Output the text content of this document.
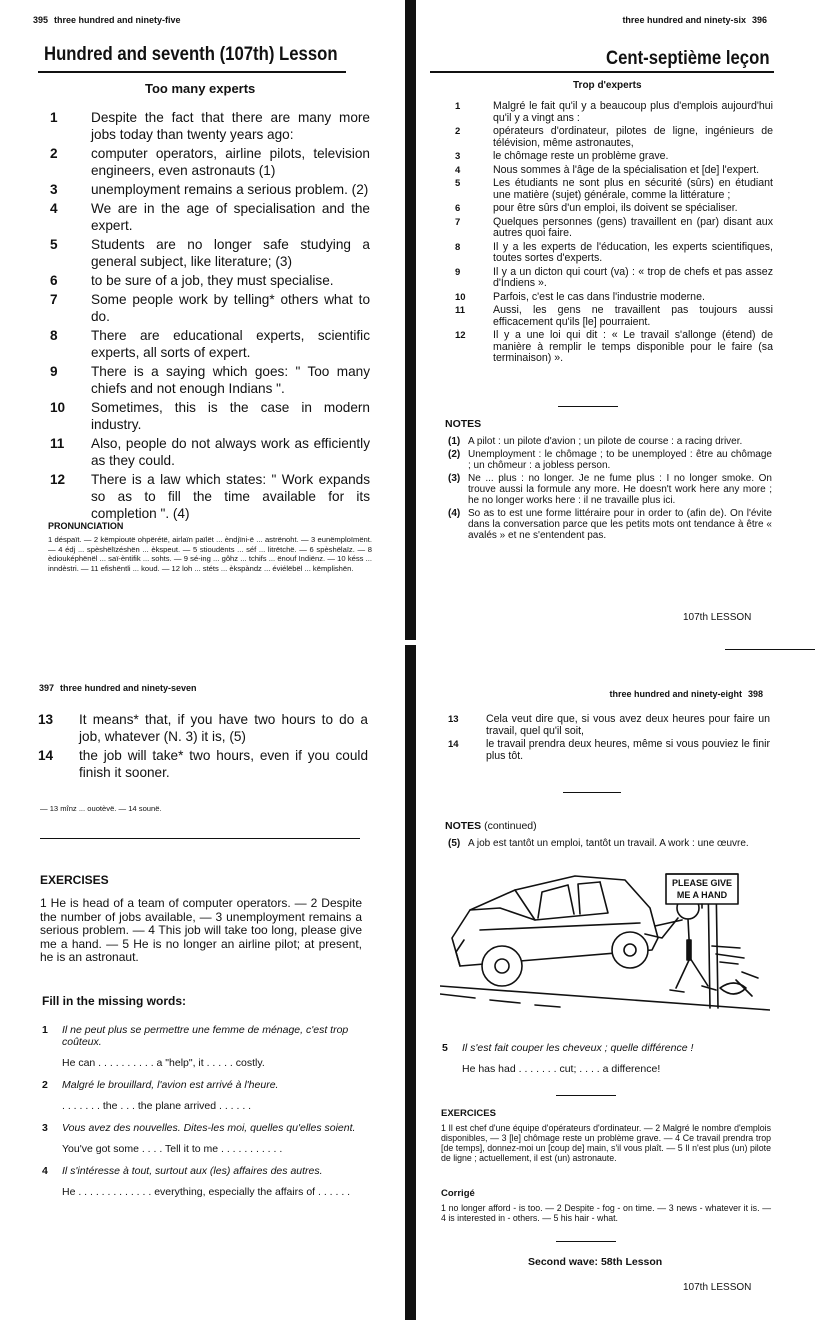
395 three hundred and ninety-five
Hundred and seventh (107th) Lesson
Too many experts
1	Despite the fact that there are many more jobs today than twenty years ago:
2	computer operators, airline pilots, television engineers, even astronauts (1)
3	unemployment remains a serious problem. (2)
4	We are in the age of specialisation and the expert.
5	Students are no longer safe studying a general subject, like literature; (3)
6	to be sure of a job, they must specialise.
7	Some people work by telling* others what to do.
8	There are educational experts, scientific experts, all sorts of expert.
9	There is a saying which goes: " Too many chiefs and not enough Indians ".
10	Sometimes, this is the case in modern industry.
11	Also, people do not always work as efficiently as they could.
12	There is a law which states: " Work expands so as to fill the time available for its completion ". (4)
PRONUNCIATION
1 déspaït. — 2 këmpioutë ohpërétë, airlaïn païlët ... èndjïni-ë ... astrënoht. — 3 eunëmploïmënt. — 4 édj ... spèshëlïzéshën ... èkspeut. — 5 stioudënts ... séf ... litrëtchë. — 6 spèshëlaïz. — 8 èdiouképhënël ... saï-èntifik ... sohts. — 9 sé-ing ... gôhz ... tchifs ... ënouf Indiënz. — 10 késs ... inndèstri. — 11 efishëntli ... koud. — 12 loh ... stéts ... èkspàndz ... éviélëbël ... këmplishën.
three hundred and ninety-six 396
Cent-septième leçon
Trop d'experts
1	Malgré le fait qu'il y a beaucoup plus d'emplois aujourd'hui qu'il y a vingt ans :
2	opérateurs d'ordinateur, pilotes de ligne, ingénieurs de télévision, même astronautes,
3	le chômage reste un problème grave.
4	Nous sommes à l'âge de la spécialisation et [de] l'expert.
5	Les étudiants ne sont plus en sécurité (sûrs) en étudiant une matière (sujet) générale, comme la littérature ;
6	pour être sûrs d'un emploi, ils doivent se spécialiser.
7	Quelques personnes (gens) travaillent en (par) disant aux autres quoi faire.
8	Il y a les experts de l'éducation, les experts scientifiques, toutes sortes d'experts.
9	Il y a un dicton qui court (va) : « trop de chefs et pas assez d'Indiens ».
10	Parfois, c'est le cas dans l'industrie moderne.
11	Aussi, les gens ne travaillent pas toujours aussi efficacement qu'ils [le] pourraient.
12	Il y a une loi qui dit : « Le travail s'allonge (étend) de manière à remplir le temps disponible pour le faire (sa terminaison) ».
NOTES
(1) A pilot : un pilote d'avion ; un pilote de course : a racing driver.
(2) Unemployment : le chômage ; to be unemployed : être au chômage ; un chômeur : a jobless person.
(3) Ne ... plus : no longer. Je ne fume plus : I no longer smoke. On trouve aussi la formule any more. He doesn't work here any more ; he no longer works here : il ne travaille plus ici.
(4) So as to est une forme littéraire pour in order to (afin de). On l'évite dans la conversation parce que les petits mots ont tendance à être « avalés » et ne s'entendent pas.
107th LESSON
397 three hundred and ninety-seven
13	It means* that, if you have two hours to do a job, whatever (N. 3) it is, (5)
14	the job will take* two hours, even if you could finish it sooner.
— 13 mînz ... ouotèvë. — 14 sounë.
EXERCISES
1 He is head of a team of computer operators. — 2 Despite the number of jobs available, — 3 unemployment remains a serious problem. — 4 This job will take too long, please give me a hand. — 5 He is no longer an airline pilot; at present, he is an astronaut.
Fill in the missing words:
1	Il ne peut plus se permettre une femme de ménage, c'est trop coûteux.
He can . . . . . . . . . . a "help", it . . . . . costly.
2	Malgré le brouillard, l'avion est arrivé à l'heure.
. . . . . . . the . . . the plane arrived . . . . . .
3	Vous avez des nouvelles. Dites-les moi, quelles qu'elles soient.
You've got some . . . . Tell it to me . . . . . . . . . . .
4	Il s'intéresse à tout, surtout aux (les) affaires des autres.
He . . . . . . . . . . . . . everything, especially the affairs of . . . . . .
three hundred and ninety-eight 398
13	Cela veut dire que, si vous avez deux heures pour faire un travail, quel qu'il soit,
14	le travail prendra deux heures, même si vous pouviez le finir plus tôt.
NOTES (continued)
(5) A job est tantôt un emploi, tantôt un travail. A work : une œuvre.
PLEASE GIVE
ME A HAND
5	Il s'est fait couper les cheveux ; quelle différence !
He has had . . . . . . . cut; . . . . a difference!
EXERCICES
1 Il est chef d'une équipe d'opérateurs d'ordinateur. — 2 Malgré le nombre d'emplois disponibles, — 3 [le] chômage reste un problème grave. — 4 Ce travail prendra trop [de temps], donnez-moi un [coup de] main, s'il vous plaît. — 5 Il n'est plus (un) pilote de ligne ; actuellement, il est (un) astronaute.
Corrigé
1 no longer afford - is too. — 2 Despite - fog - on time. — 3 news - whatever it is. — 4 is interested in - others. — 5 his hair - what.
Second wave: 58th Lesson
107th LESSON
